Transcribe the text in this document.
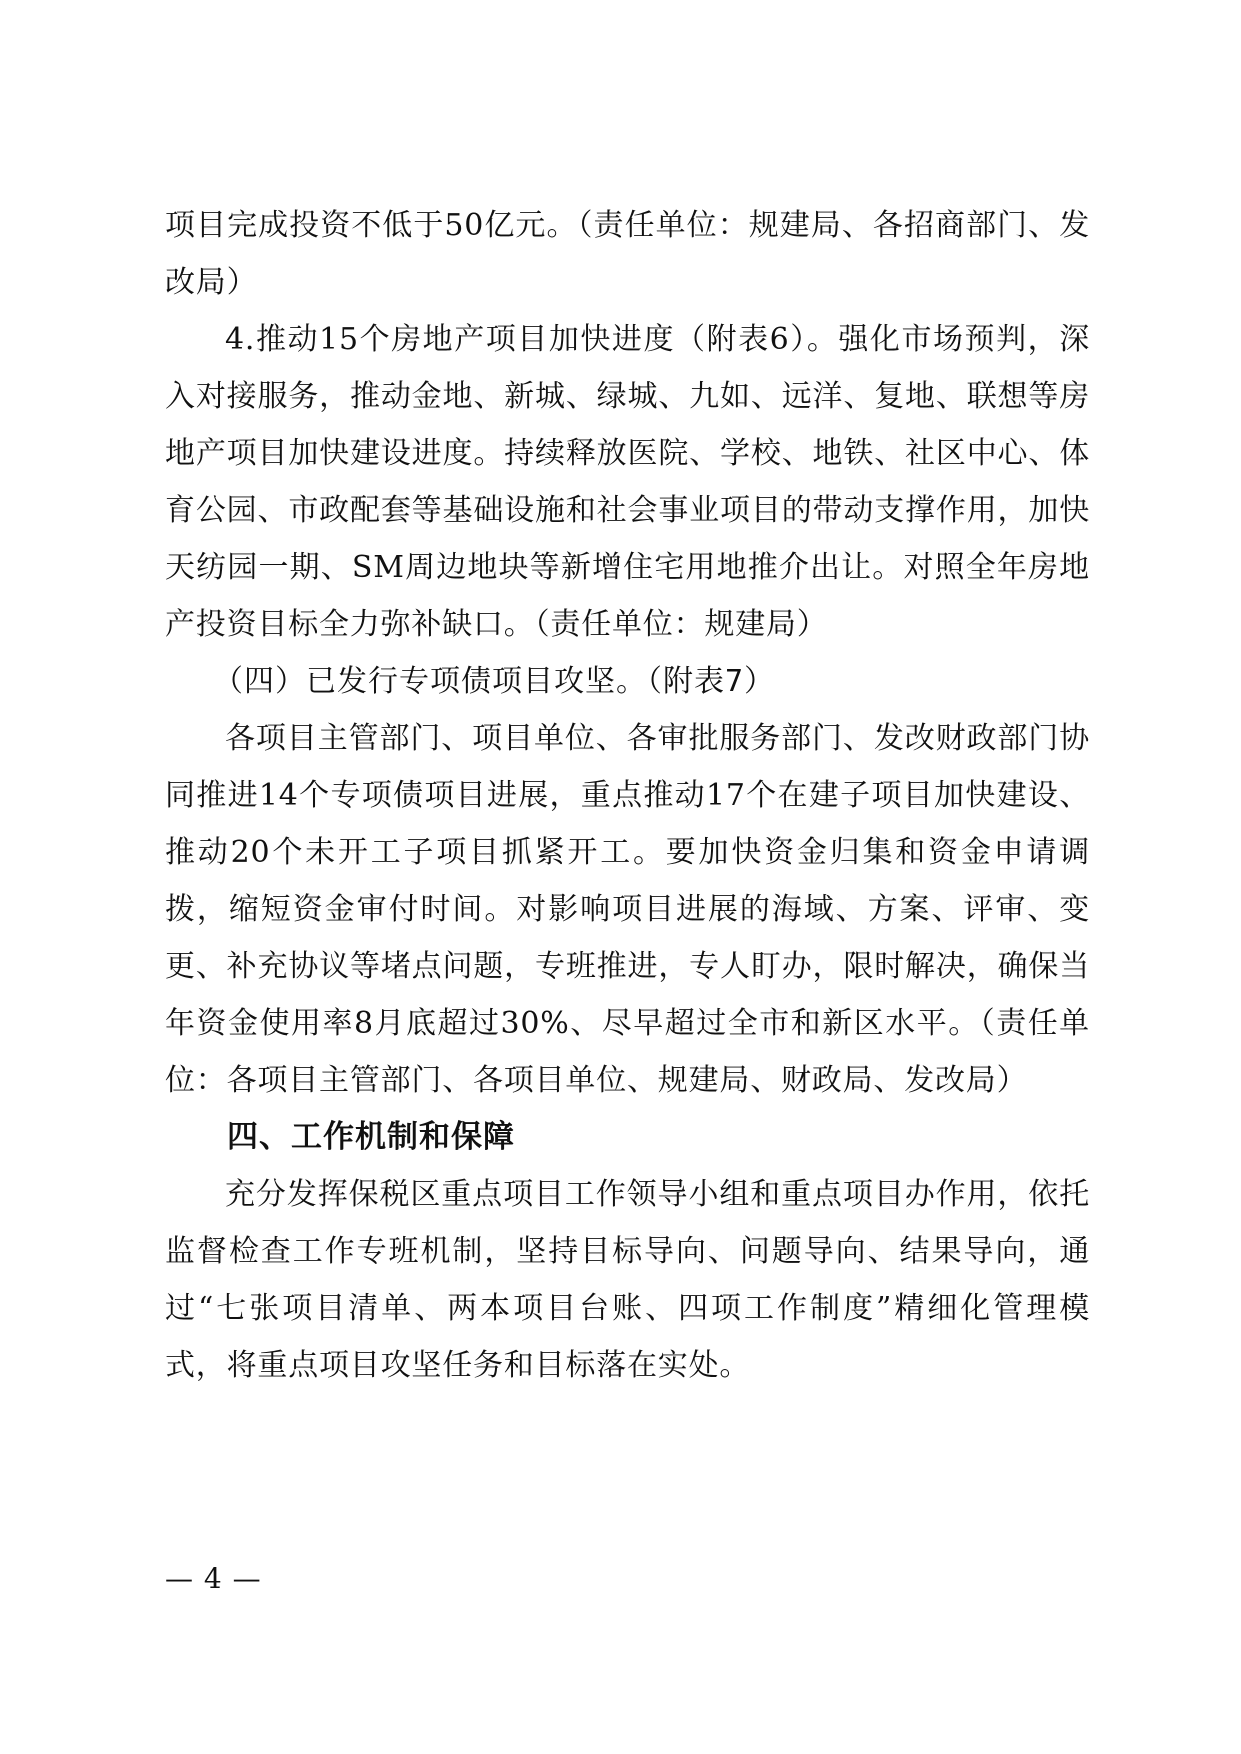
项目完成投资不低于50亿元。（责任单位：规建局、各招商部门、发改局）

4.推动15个房地产项目加快进度（附表6）。强化市场预判，深入对接服务，推动金地、新城、绿城、九如、远洋、复地、联想等房地产项目加快建设进度。持续释放医院、学校、地铁、社区中心、体育公园、市政配套等基础设施和社会事业项目的带动支撑作用，加快天纺园一期、SM周边地块等新增住宅用地推介出让。对照全年房地产投资目标全力弥补缺口。（责任单位：规建局）

（四）已发行专项债项目攻坚。（附表7）

各项目主管部门、项目单位、各审批服务部门、发改财政部门协同推进14个专项债项目进展，重点推动17个在建子项目加快建设、推动20个未开工子项目抓紧开工。要加快资金归集和资金申请调拨，缩短资金审付时间。对影响项目进展的海域、方案、评审、变更、补充协议等堵点问题，专班推进，专人盯办，限时解决，确保当年资金使用率8月底超过30%、尽早超过全市和新区水平。（责任单位：各项目主管部门、各项目单位、规建局、财政局、发改局）

四、工作机制和保障

充分发挥保税区重点项目工作领导小组和重点项目办作用，依托监督检查工作专班机制，坚持目标导向、问题导向、结果导向，通过“七张项目清单、两本项目台账、四项工作制度”精细化管理模式，将重点项目攻坚任务和目标落在实处。

— 4 —
